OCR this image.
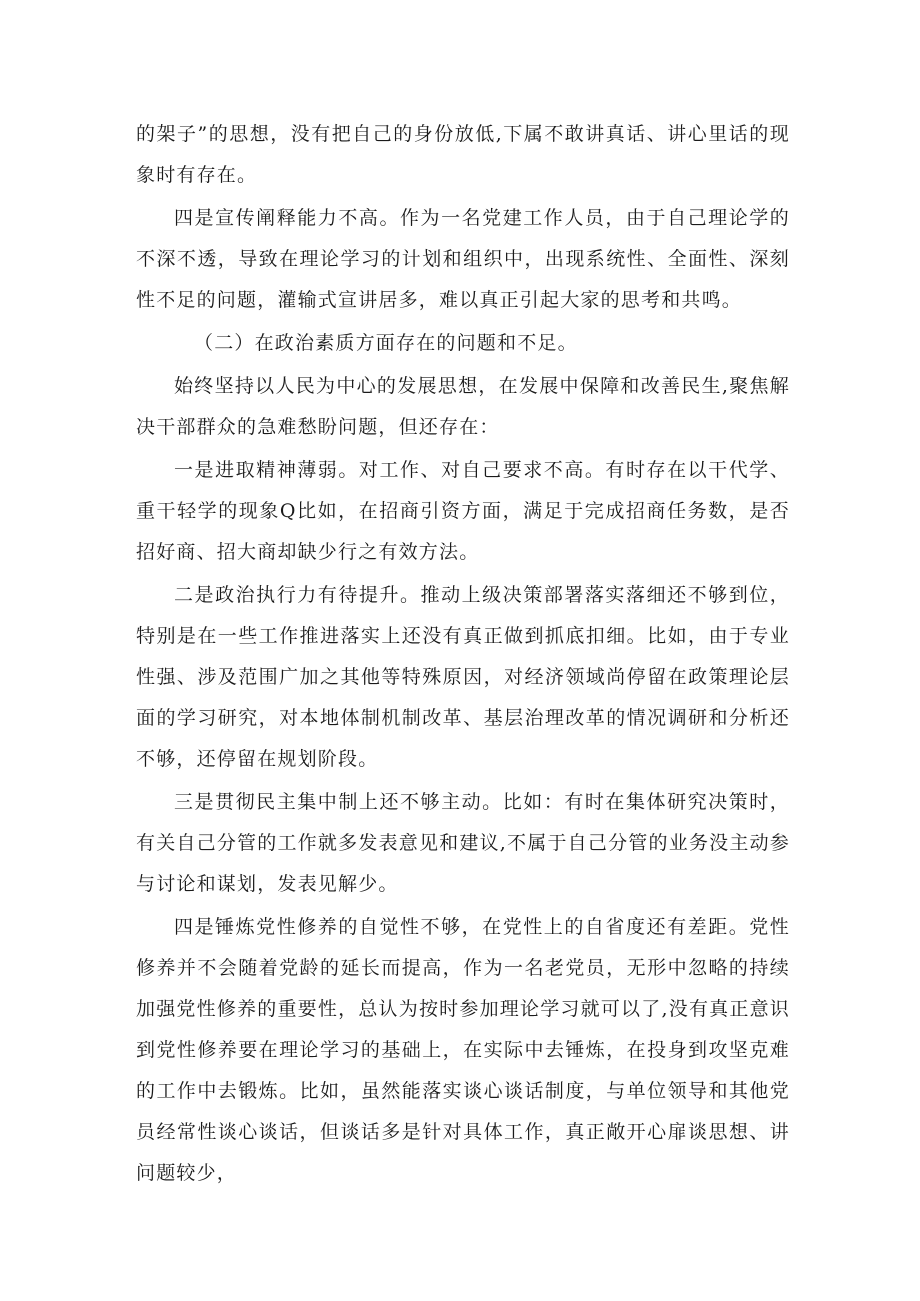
的架子”的思想，没有把自己的身份放低,下属不敢讲真话、讲心里话的现象时有存在。

四是宣传阐释能力不高。作为一名党建工作人员，由于自己理论学的不深不透，导致在理论学习的计划和组织中，出现系统性、全面性、深刻性不足的问题，灌输式宣讲居多，难以真正引起大家的思考和共鸣。

（二）在政治素质方面存在的问题和不足。

始终坚持以人民为中心的发展思想，在发展中保障和改善民生,聚焦解决干部群众的急难愁盼问题，但还存在：

一是进取精神薄弱。对工作、对自己要求不高。有时存在以干代学、重干轻学的现象Q比如，在招商引资方面，满足于完成招商任务数，是否招好商、招大商却缺少行之有效方法。

二是政治执行力有待提升。推动上级决策部署落实落细还不够到位，特别是在一些工作推进落实上还没有真正做到抓底扣细。比如，由于专业性强、涉及范围广加之其他等特殊原因，对经济领域尚停留在政策理论层面的学习研究，对本地体制机制改革、基层治理改革的情况调研和分析还不够，还停留在规划阶段。

三是贯彻民主集中制上还不够主动。比如：有时在集体研究决策时，有关自己分管的工作就多发表意见和建议,不属于自己分管的业务没主动参与讨论和谋划，发表见解少。

四是锤炼党性修养的自觉性不够，在党性上的自省度还有差距。党性修养并不会随着党龄的延长而提高，作为一名老党员，无形中忽略的持续加强党性修养的重要性，总认为按时参加理论学习就可以了,没有真正意识到党性修养要在理论学习的基础上，在实际中去锤炼，在投身到攻坚克难的工作中去锻炼。比如，虽然能落实谈心谈话制度，与单位领导和其他党员经常性谈心谈话，但谈话多是针对具体工作，真正敞开心扉谈思想、讲问题较少，
